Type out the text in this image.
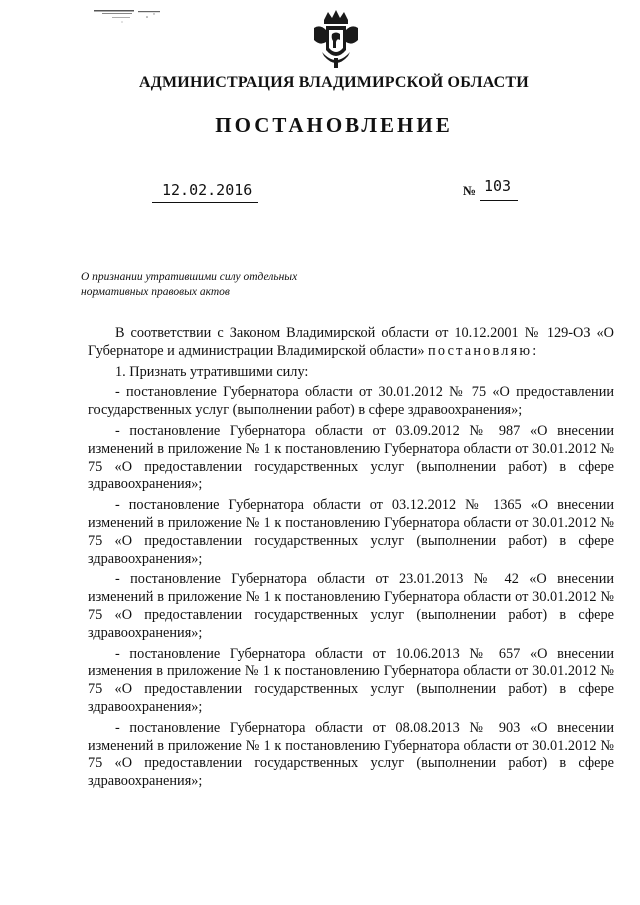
АДМИНИСТРАЦИЯ ВЛАДИМИРСКОЙ ОБЛАСТИ
ПОСТАНОВЛЕНИЕ
12.02.2016	№ 103
О признании утратившими силу отдельных
нормативных правовых актов

В соответствии с Законом Владимирской области от 10.12.2001 № 129-ОЗ «О Губернаторе и администрации Владимирской области» постановляю:

1. Признать утратившими силу:

- постановление Губернатора области от 30.01.2012 № 75 «О предоставлении государственных услуг (выполнении работ) в сфере здравоохранения»;

- постановление Губернатора области от 03.09.2012 № 987 «О внесении изменений в приложение № 1 к постановлению Губернатора области от 30.01.2012 № 75 «О предоставлении государственных услуг (выполнении работ) в сфере здравоохранения»;

- постановление Губернатора области от 03.12.2012 № 1365 «О внесении изменений в приложение № 1 к постановлению Губернатора области от 30.01.2012 № 75 «О предоставлении государственных услуг (выполнении работ) в сфере здравоохранения»;

- постановление Губернатора области от 23.01.2013 № 42 «О внесении изменений в приложение № 1 к постановлению Губернатора области от 30.01.2012 № 75 «О предоставлении государственных услуг (выполнении работ) в сфере здравоохранения»;

- постановление Губернатора области от 10.06.2013 № 657 «О внесении изменения в приложение № 1 к постановлению Губернатора области от 30.01.2012 № 75 «О предоставлении государственных услуг (выполнении работ) в сфере здравоохранения»;

- постановление Губернатора области от 08.08.2013 № 903 «О внесении изменений в приложение № 1 к постановлению Губернатора области от 30.01.2012 № 75 «О предоставлении государственных услуг (выполнении работ) в сфере здравоохранения»;
